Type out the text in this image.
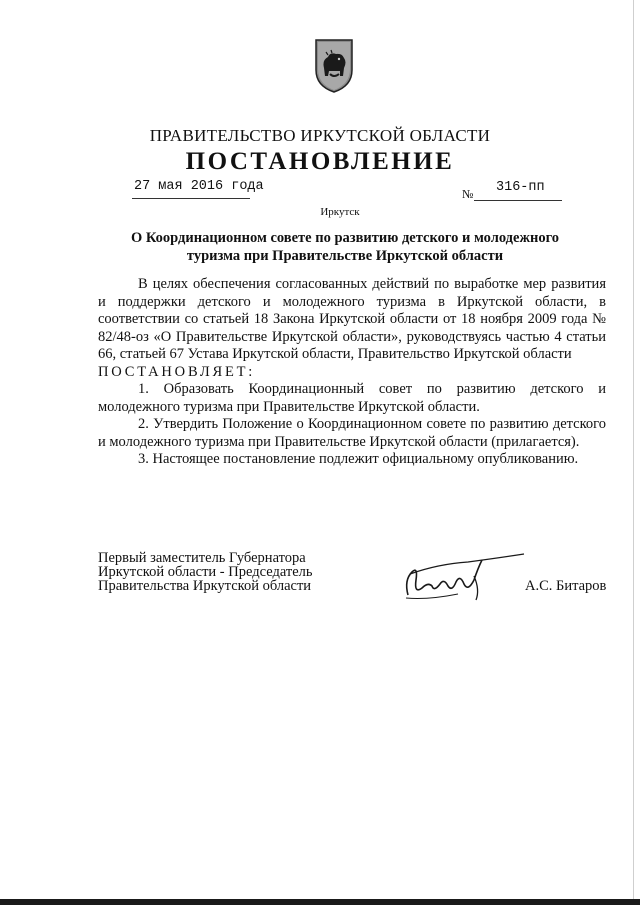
ПРАВИТЕЛЬСТВО ИРКУТСКОЙ ОБЛАСТИ
ПОСТАНОВЛЕНИЕ
27 мая 2016 года	№ 316-пп
Иркутск
О Координационном совете по развитию детского и молодежного
туризма при Правительстве Иркутской области

В целях обеспечения согласованных действий по выработке мер развития и поддержки детского и молодежного туризма в Иркутской области, в соответствии со статьей 18 Закона Иркутской области от 18 ноября 2009 года № 82/48-оз «О Правительстве Иркутской области», руководствуясь частью 4 статьи 66, статьей 67 Устава Иркутской области, Правительство Иркутской области

ПОСТАНОВЛЯЕТ:

1. Образовать Координационный совет по развитию детского и молодежного туризма при Правительстве Иркутской области.

2. Утвердить Положение о Координационном совете по развитию детского и молодежного туризма при Правительстве Иркутской области (прилагается).

3. Настоящее постановление подлежит официальному опубликованию.

Первый заместитель Губернатора
Иркутской области - Председатель
Правительства Иркутской области	А.С. Битаров
